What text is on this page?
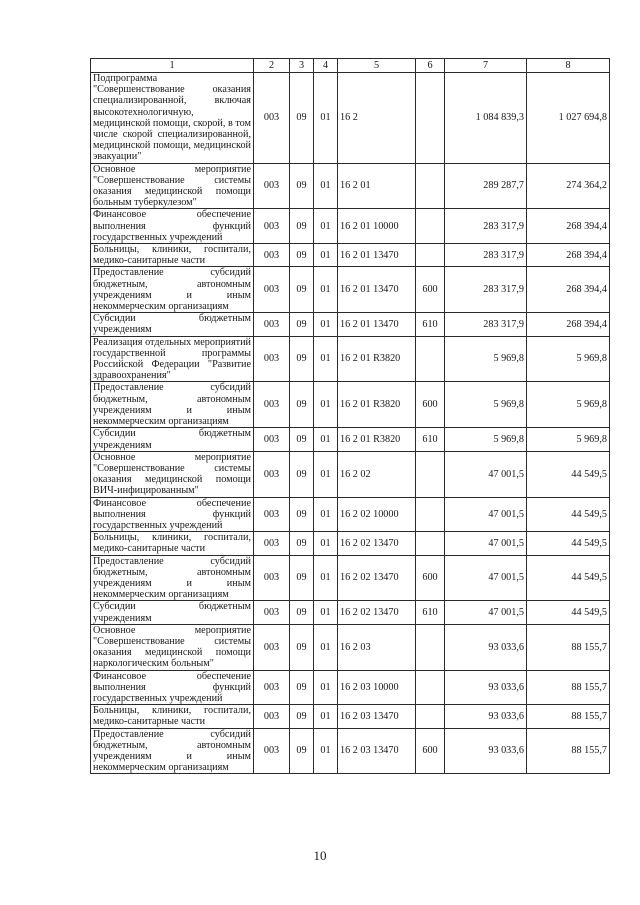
1	2	3	4	5	6	7	8
Подпрограмма "Совершенствование оказания специализированной, включая высокотехнологичную, медицинской помощи, скорой, в том числе скорой специализированной, медицинской помощи, медицинской эвакуации"	003	09	01	16 2		1 084 839,3	1 027 694,8
Основное мероприятие "Совершенствование системы оказания медицинской помощи больным туберкулезом"	003	09	01	16 2 01		289 287,7	274 364,2
Финансовое обеспечение выполнения функций государственных учреждений	003	09	01	16 2 01 10000		283 317,9	268 394,4
Больницы, клиники, госпитали, медико-санитарные части	003	09	01	16 2 01 13470		283 317,9	268 394,4
Предоставление субсидий бюджетным, автономным учреждениям и иным некоммерческим организациям	003	09	01	16 2 01 13470	600	283 317,9	268 394,4
Субсидии бюджетным учреждениям	003	09	01	16 2 01 13470	610	283 317,9	268 394,4
Реализация отдельных мероприятий государственной программы Российской Федерации "Развитие здравоохранения"	003	09	01	16 2 01 R3820		5 969,8	5 969,8
Предоставление субсидий бюджетным, автономным учреждениям и иным некоммерческим организациям	003	09	01	16 2 01 R3820	600	5 969,8	5 969,8
Субсидии бюджетным учреждениям	003	09	01	16 2 01 R3820	610	5 969,8	5 969,8
Основное мероприятие "Совершенствование системы оказания медицинской помощи ВИЧ-инфицированным"	003	09	01	16 2 02		47 001,5	44 549,5
Финансовое обеспечение выполнения функций государственных учреждений	003	09	01	16 2 02 10000		47 001,5	44 549,5
Больницы, клиники, госпитали, медико-санитарные части	003	09	01	16 2 02 13470		47 001,5	44 549,5
Предоставление субсидий бюджетным, автономным учреждениям и иным некоммерческим организациям	003	09	01	16 2 02 13470	600	47 001,5	44 549,5
Субсидии бюджетным учреждениям	003	09	01	16 2 02 13470	610	47 001,5	44 549,5
Основное мероприятие "Совершенствование системы оказания медицинской помощи наркологическим больным"	003	09	01	16 2 03		93 033,6	88 155,7
Финансовое обеспечение выполнения функций государственных учреждений	003	09	01	16 2 03 10000		93 033,6	88 155,7
Больницы, клиники, госпитали, медико-санитарные части	003	09	01	16 2 03 13470		93 033,6	88 155,7
Предоставление субсидий бюджетным, автономным учреждениям и иным некоммерческим организациям	003	09	01	16 2 03 13470	600	93 033,6	88 155,7
10
